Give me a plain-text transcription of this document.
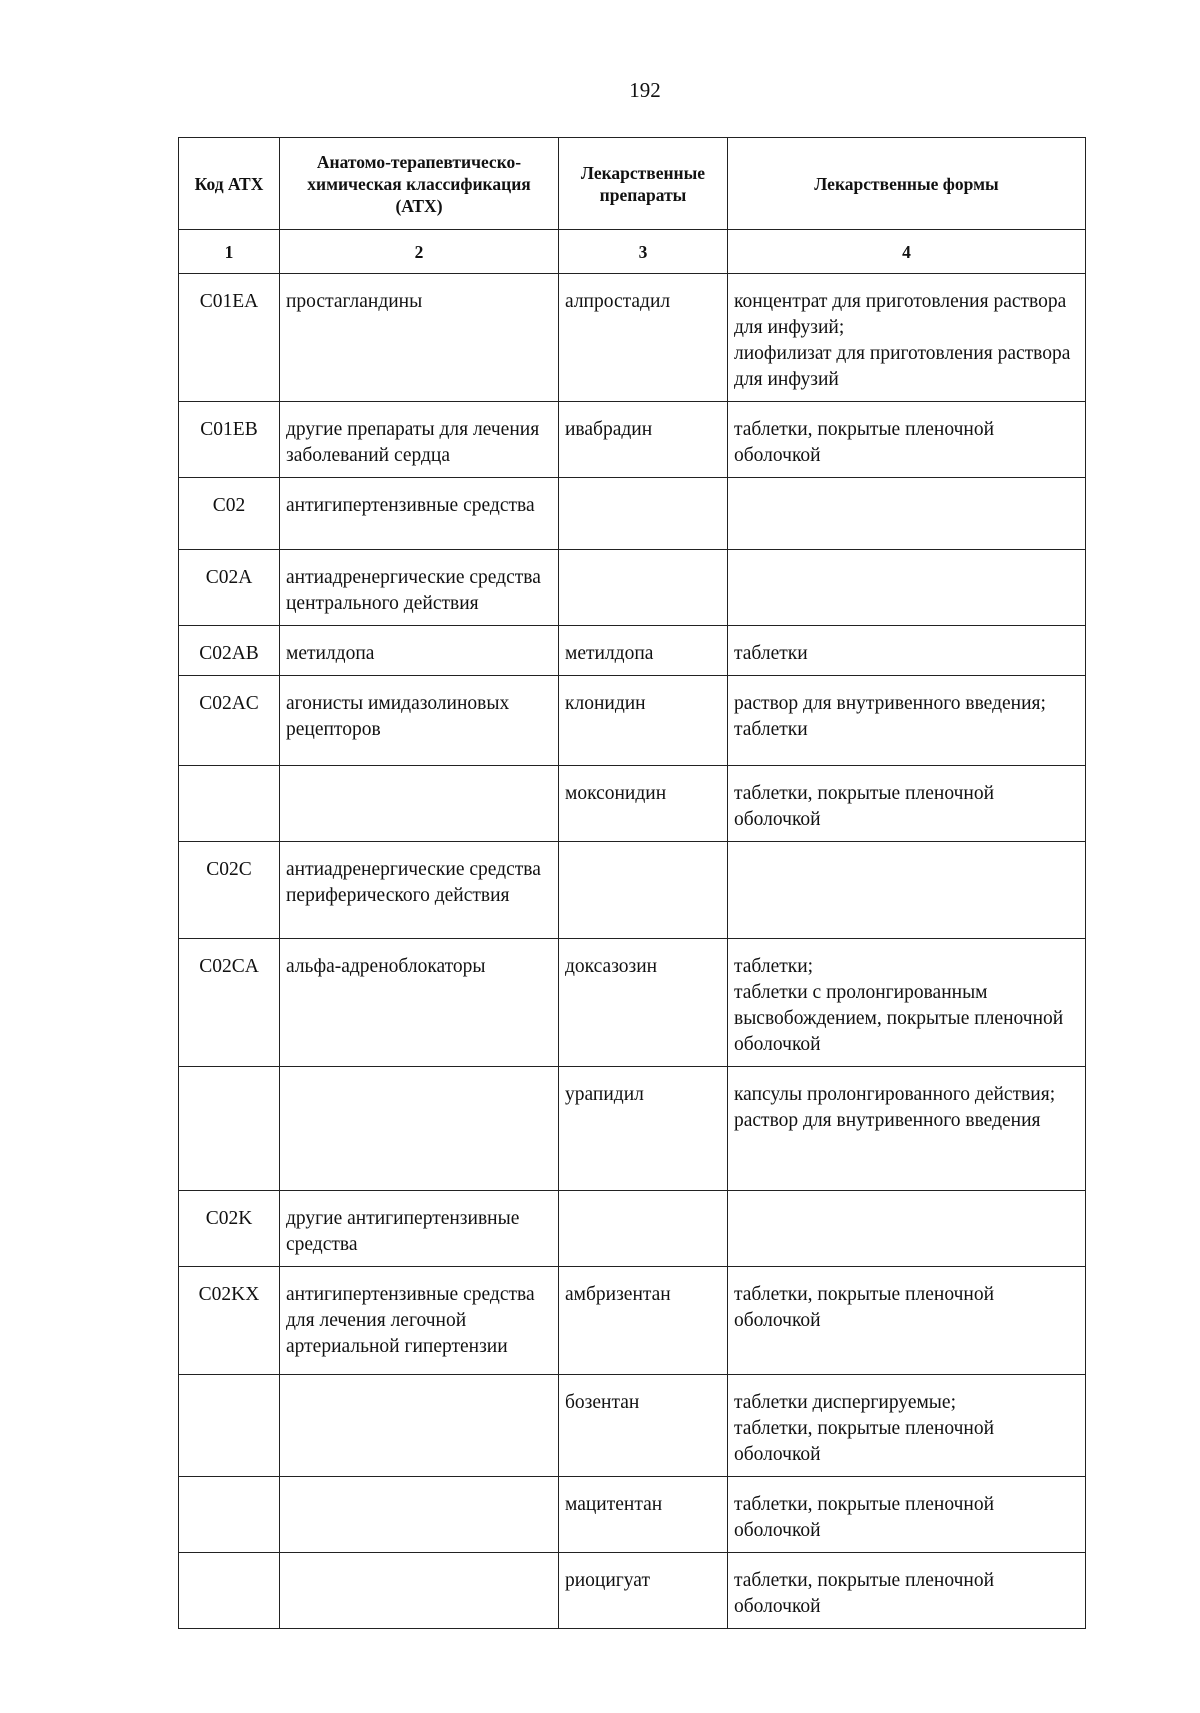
192
Код АТХ	Анатомо-терапевтическо-химическая классификация (АТХ)	Лекарственные препараты	Лекарственные формы
1	2	3	4
C01EA	простагландины	алпростадил	концентрат для приготовления раствора для инфузий;
лиофилизат для приготовления раствора для инфузий

C01EB	другие препараты для лечения заболеваний сердца	ивабрадин	таблетки, покрытые пленочной оболочкой

C02	антигипертензивные средства		
C02A	антиадренергические средства центрального действия		
C02AB	метилдопа	метилдопа	таблетки

C02AC	агонисты имидазолиновых рецепторов	клонидин	раствор для внутривенного введения;
таблетки

		моксонидин	таблетки, покрытые пленочной оболочкой

C02C	антиадренергические средства периферического действия		
C02CA	альфа-адреноблокаторы	доксазозин	таблетки;
таблетки с пролонгированным высвобождением, покрытые пленочной оболочкой

		урапидил	капсулы пролонгированного действия;
раствор для внутривенного введения

C02K	другие антигипертензивные средства		
C02KX	антигипертензивные средства для лечения легочной артериальной гипертензии	амбризентан	таблетки, покрытые пленочной оболочкой

		бозентан	таблетки диспергируемые;
таблетки, покрытые пленочной оболочкой

		мацитентан	таблетки, покрытые пленочной оболочкой

		риоцигуат	таблетки, покрытые пленочной оболочкой
